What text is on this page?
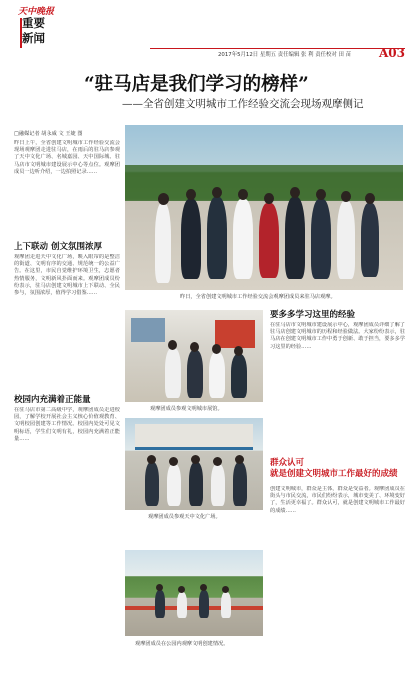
天中晚报
重要
新闻
2017年5月12日 星期五 责任编辑 张 利 责任校对 田 苗 A03
“驻马店是我们学习的榜样”
——全省创建文明城市工作经验交流会现场观摩侧记
□融媒记者 胡永威 文 王婕 图
昨日上午，全省创建文明城市工作经验交流会现场观摩团走进驻马店，在雨后的驻马店参观了天中文化广场、名城嘉园、天中国际城、驻马店市文明城市建设展示中心等点位。观摩团成员一边听介绍，一边拍照记录……
上下联动 创文氛围浓厚
观摩团走进天中文化广场，映入眼帘的是整洁的街道、文明有序的交通、规范统一的公益广告。在这里，市民自觉维护环境卫生，志愿者热情服务，文明新风扑面而来。观摩团成员纷纷表示，驻马店创建文明城市上下联动、全民参与，氛围浓厚，值得学习借鉴……
校园内充满着正能量
在驻马店市第二高级中学，观摩团成员走进校园，了解学校开展社会主义核心价值观教育、文明校园创建等工作情况。校园内处处可见文明标语，学生们文明有礼，校园内充满着正能量……
昨日，全省创建文明城市工作经验交流会观摩团成员来驻马店观摩。
观摩团成员参观文明城市展馆。
观摩团成员参观天中文化广场。
观摩团成员在公园内观摩文明创建情况。
要多多学习这里的经验
在驻马店市文明城市建设展示中心，观摩团成员详细了解了驻马店创建文明城市的历程和经验做法。大家纷纷表示，驻马店在创建文明城市工作中勇于创新、敢于担当，要多多学习这里的经验……
群众认可
就是创建文明城市工作最好的成绩
创建文明城市，群众是主体，群众是受益者。观摩团成员在街头与市民交流，市民们纷纷表示，城市变美了、环境变好了，生活更幸福了。群众认可，就是创建文明城市工作最好的成绩……
